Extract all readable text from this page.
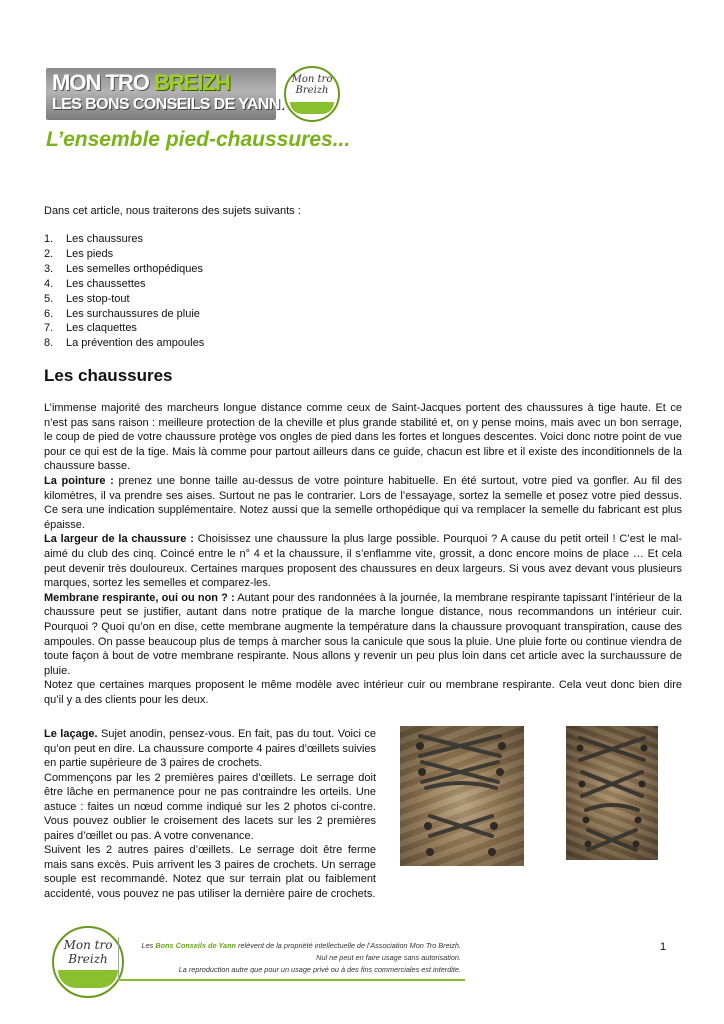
MON TRO BREIZH
LES BONS CONSEILS DE YANN.
Mon tro Breizh
L’ensemble pied-chaussures...
Dans cet article, nous traiterons des sujets suivants :
1.	Les chaussures
2.	Les pieds
3.	Les semelles orthopédiques
4.	Les chaussettes
5.	Les stop-tout
6.	Les surchaussures de pluie
7.	Les claquettes
8.	La prévention des ampoules
Les chaussures

L’immense majorité des marcheurs longue distance comme ceux de Saint-Jacques portent des chaussures à tige haute. Et ce n’est pas sans raison : meilleure protection de la cheville et plus grande stabilité et, on y pense moins, mais avec un bon serrage, le coup de pied de votre chaussure protège vos ongles de pied dans les fortes et longues descentes. Voici donc notre point de vue pour ce qui est de la tige. Mais là comme pour partout ailleurs dans ce guide, chacun est libre et il existe des inconditionnels de la chaussure basse.

La pointure : prenez une bonne taille au-dessus de votre pointure habituelle. En été surtout, votre pied va gonfler. Au fil des kilomètres, il va prendre ses aises. Surtout ne pas le contrarier. Lors de l’essayage, sortez la semelle et posez votre pied dessus. Ce sera une indication supplémentaire. Notez aussi que la semelle orthopédique qui va remplacer la semelle du fabricant est plus épaisse.

La largeur de la chaussure : Choisissez une chaussure la plus large possible. Pourquoi ? A cause du petit orteil ! C’est le mal-aimé du club des cinq. Coincé entre le n° 4 et la chaussure, il s’enflamme vite, grossit, a donc encore moins de place … Et cela peut devenir très douloureux. Certaines marques proposent des chaussures en deux largeurs. Si vous avez devant vous plusieurs marques, sortez les semelles et comparez-les.

Membrane respirante, oui ou non ? : Autant pour des randonnées à la journée, la membrane respirante tapissant l’intérieur de la chaussure peut se justifier, autant dans notre pratique de la marche longue distance, nous recommandons un intérieur cuir. Pourquoi ? Quoi qu’on en dise, cette membrane augmente la température dans la chaussure provoquant transpiration, cause des ampoules. On passe beaucoup plus de temps à marcher sous la canicule que sous la pluie. Une pluie forte ou continue viendra de toute façon à bout de votre membrane respirante. Nous allons y revenir un peu plus loin dans cet article avec la surchaussure de pluie.

Notez que certaines marques proposent le même modèle avec intérieur cuir ou membrane respirante. Cela veut donc bien dire qu’il y a des clients pour les deux.

Le laçage. Sujet anodin, pensez-vous. En fait, pas du tout. Voici ce qu’on peut en dire. La chaussure comporte 4 paires d’œillets suivies en partie supérieure de 3 paires de crochets.

Commençons par les 2 premières paires d’œillets. Le serrage doit être lâche en permanence pour ne pas contraindre les orteils. Une astuce : faites un nœud comme indiqué sur les 2 photos ci-contre. Vous pouvez oublier le croisement des lacets sur les 2 premières paires d’œillet ou pas. A votre convenance.

Suivent les 2 autres paires d’œillets. Le serrage doit être ferme mais sans excès. Puis arrivent les 3 paires de crochets. Un serrage souple est recommandé. Notez que sur terrain plat ou faiblement accidenté, vous pouvez ne pas utiliser la dernière paire de crochets.

1
Mon tro Breizh
Les Bons Conseils de Yann relèvent de la propriété intellectuelle de l’Association Mon Tro Breizh.
Nul ne peut en faire usage sans autorisation.
La reproduction autre que pour un usage privé ou à des fins commerciales est interdite.
